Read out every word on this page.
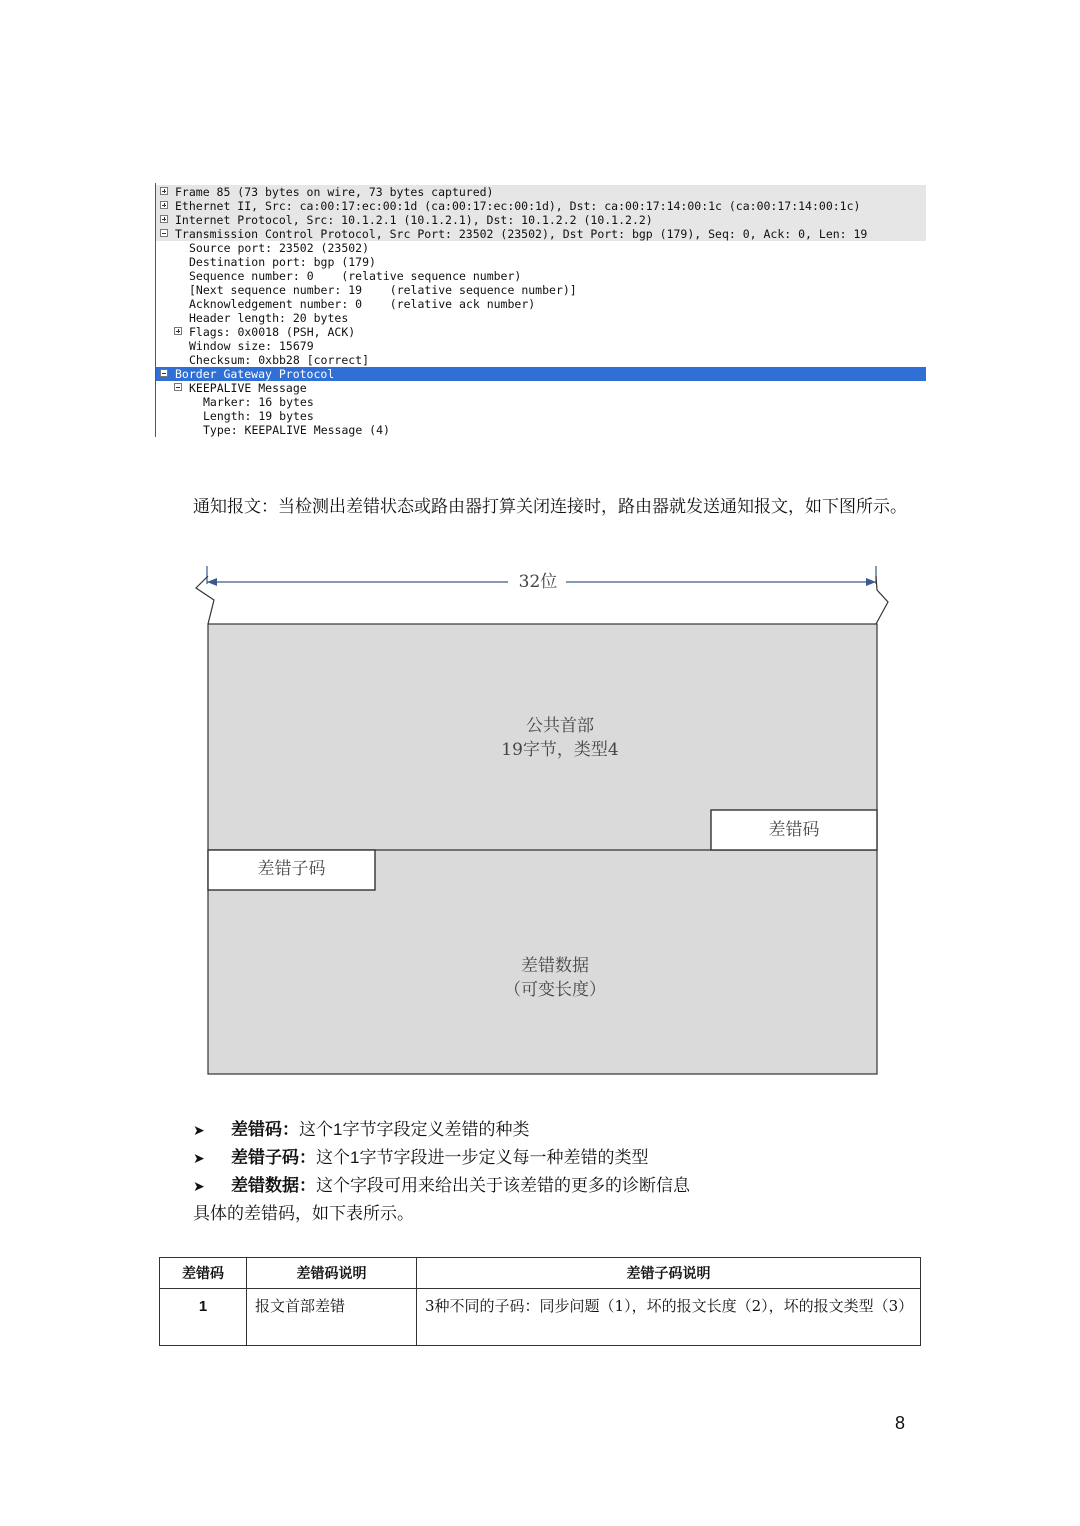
Frame 85 (73 bytes on wire, 73 bytes captured)
Ethernet II, Src: ca:00:17:ec:00:1d (ca:00:17:ec:00:1d), Dst: ca:00:17:14:00:1c (ca:00:17:14:00:1c)
Internet Protocol, Src: 10.1.2.1 (10.1.2.1), Dst: 10.1.2.2 (10.1.2.2)
Transmission Control Protocol, Src Port: 23502 (23502), Dst Port: bgp (179), Seq: 0, Ack: 0, Len: 19
Source port: 23502 (23502)
Destination port: bgp (179)
Sequence number: 0    (relative sequence number)
[Next sequence number: 19    (relative sequence number)]
Acknowledgement number: 0    (relative ack number)
Header length: 20 bytes
Flags: 0x0018 (PSH, ACK)
Window size: 15679
Checksum: 0xbb28 [correct]
Border Gateway Protocol
KEEPALIVE Message
Marker: 16 bytes
Length: 19 bytes
Type: KEEPALIVE Message (4)
通知报文：当检测出差错状态或路由器打算关闭连接时，路由器就发送通知报文，如下图所示。
32位
公共首部
19字节，类型4
差错码
差错子码
差错数据
（可变长度）
➤ 差错码：这个1字节字段定义差错的种类
➤ 差错子码：这个1字节字段进一步定义每一种差错的类型
➤ 差错数据：这个字段可用来给出关于该差错的更多的诊断信息
具体的差错码，如下表所示。
差错码	差错码说明	差错子码说明
1	报文首部差错	3种不同的子码：同步问题（1），坏的报文长度（2），坏的报文类型（3）
8
